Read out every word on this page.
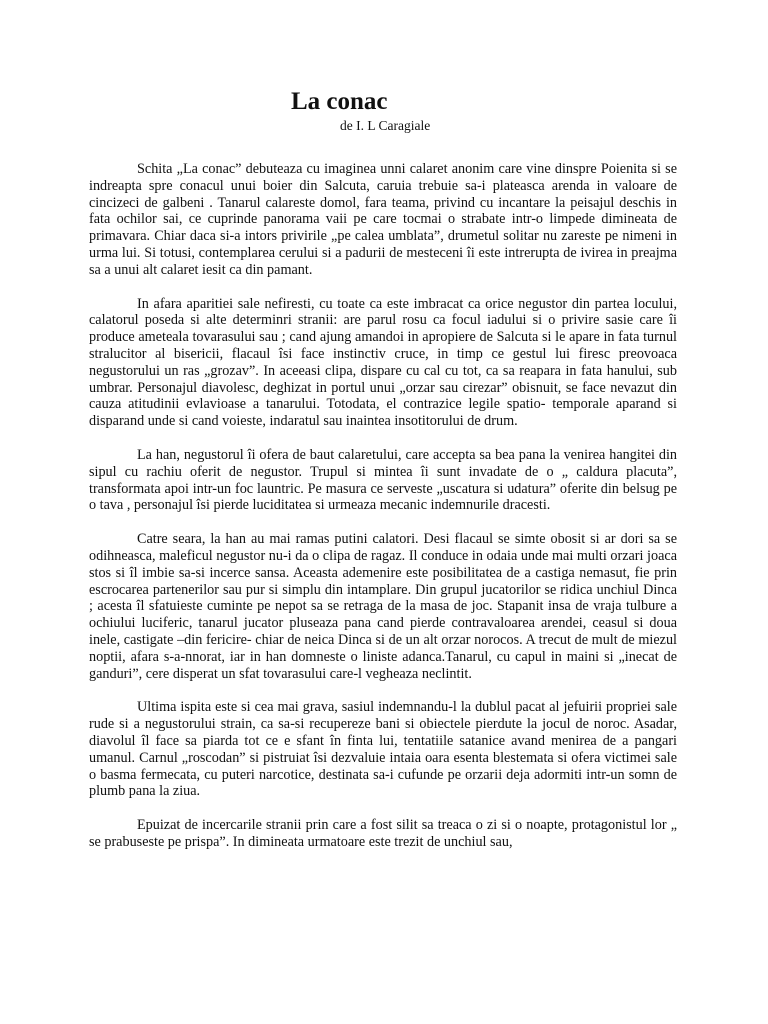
La conac

de I. L Caragiale

Schita „La conac” debuteaza cu imaginea unni calaret anonim care vine dinspre Poienita si se indreapta spre conacul unui boier din Salcuta, caruia trebuie sa-i plateasca arenda in valoare de cincizeci de galbeni . Tanarul calareste domol, fara teama, privind cu incantare la peisajul deschis in fata ochilor sai, ce cuprinde panorama vaii pe care tocmai o strabate intr-o limpede dimineata de primavara. Chiar daca si-a intors privirile „pe calea umblata”, drumetul solitar nu zareste pe nimeni in urma lui. Si totusi, contemplarea cerului si a padurii de mesteceni îi este intrerupta de ivirea in preajma sa a unui alt calaret iesit ca din pamant.

In afara aparitiei sale nefiresti, cu toate ca este imbracat ca orice negustor din partea locului, calatorul poseda si alte determinri stranii: are parul rosu ca focul iadului si o privire sasie care îi produce ameteala tovarasului sau ; cand ajung amandoi in apropiere de Salcuta si le apare in fata turnul stralucitor al bisericii, flacaul îsi face instinctiv cruce, in timp ce gestul lui firesc preovoaca negustorului un ras „grozav”. In aceeasi clipa, dispare cu cal cu tot, ca sa reapara in fata hanului, sub umbrar. Personajul diavolesc, deghizat in portul unui „orzar sau cirezar” obisnuit, se face nevazut din cauza atitudinii evlavioase a tanarului. Totodata, el contrazice legile spatio- temporale aparand si disparand unde si cand voieste, indaratul sau inaintea insotitorului de drum.

La han, negustorul îi ofera de baut calaretului, care accepta sa bea pana la venirea hangitei din sipul cu rachiu oferit de negustor. Trupul si mintea îi sunt invadate de o „ caldura placuta”, transformata apoi intr-un foc launtric. Pe masura ce serveste „uscatura si udatura” oferite din belsug pe o tava , personajul îsi pierde luciditatea si urmeaza mecanic indemnurile dracesti.

Catre seara, la han au mai ramas putini calatori. Desi flacaul se simte obosit si ar dori sa se odihneasca, maleficul negustor nu-i da o clipa de ragaz. Il conduce in odaia unde mai multi orzari joaca stos si îl imbie sa-si incerce sansa. Aceasta ademenire este posibilitatea de a castiga nemasut, fie prin escrocarea partenerilor sau pur si simplu din intamplare. Din grupul jucatorilor se ridica unchiul Dinca ; acesta îl sfatuieste cuminte pe nepot sa se retraga de la masa de joc. Stapanit insa de vraja tulbure a ochiului luciferic, tanarul jucator pluseaza pana cand pierde contravaloarea arendei, ceasul si doua inele, castigate –din fericire- chiar de neica Dinca si de un alt orzar norocos. A trecut de mult de miezul noptii, afara s-a-nnorat, iar in han domneste o liniste adanca.Tanarul, cu capul in maini si „inecat de ganduri”, cere disperat un sfat tovarasului care-l vegheaza neclintit.

Ultima ispita este si cea mai grava, sasiul indemnandu-l la dublul pacat al jefuirii propriei sale rude si a negustorului strain, ca sa-si recupereze bani si obiectele pierdute la jocul de noroc. Asadar, diavolul îl face sa piarda tot ce e sfant în finta lui, tentatiile satanice avand menirea de a pangari umanul. Carnul „roscodan” si pistruiat îsi dezvaluie intaia oara esenta blestemata si ofera victimei sale o basma fermecata, cu puteri narcotice, destinata sa-i cufunde pe orzarii deja adormiti intr-un somn de plumb pana la ziua.

Epuizat de incercarile stranii prin care a fost silit sa treaca o zi si o noapte, protagonistul lor „ se prabuseste pe prispa”. In dimineata urmatoare este trezit de unchiul sau,
